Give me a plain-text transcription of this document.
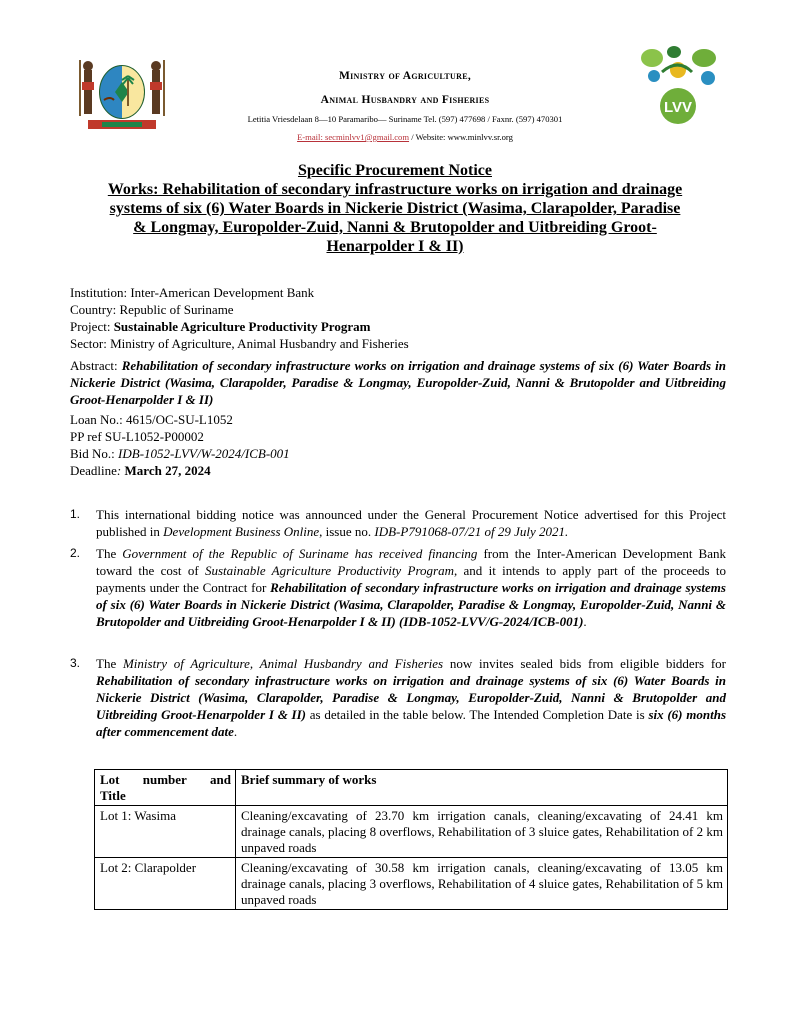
LVV
Ministry of Agriculture,
Animal Husbandry and Fisheries
Letitia Vriesdelaan 8—10 Paramaribo— Suriname Tel. (597) 477698 / Faxnr. (597) 470301
E-mail: secminlvv1@gmail.com / Website: www.minlvv.sr.org
Specific Procurement Notice
Works: Rehabilitation of secondary infrastructure works on irrigation and drainage
systems of six (6) Water Boards in Nickerie District (Wasima, Clarapolder, Paradise
& Longmay, Europolder-Zuid, Nanni & Brutopolder and Uitbreiding Groot-
Henarpolder I & II)
Institution: Inter-American Development Bank
Country: Republic of Suriname
Project: Sustainable Agriculture Productivity Program
Sector: Ministry of Agriculture, Animal Husbandry and Fisheries
Abstract: Rehabilitation of secondary infrastructure works on irrigation and drainage systems of six (6) Water Boards in Nickerie District (Wasima, Clarapolder, Paradise & Longmay, Europolder-Zuid, Nanni & Brutopolder and Uitbreiding Groot-Henarpolder I & II)
Loan No.: 4615/OC-SU-L1052
PP ref SU-L1052-P00002
Bid No.: IDB-1052-LVV/W-2024/ICB-001
Deadline: March 27, 2024
1. This international bidding notice was announced under the General Procurement Notice advertised for this Project published in Development Business Online, issue no. IDB-P791068-07/21 of 29 July 2021.
2. The Government of the Republic of Suriname has received financing from the Inter-American Development Bank toward the cost of Sustainable Agriculture Productivity Program, and it intends to apply part of the proceeds to payments under the Contract for Rehabilitation of secondary infrastructure works on irrigation and drainage systems of six (6) Water Boards in Nickerie District (Wasima, Clarapolder, Paradise & Longmay, Europolder-Zuid, Nanni & Brutopolder and Uitbreiding Groot-Henarpolder I & II) (IDB-1052-LVV/G-2024/ICB-001).
3. The Ministry of Agriculture, Animal Husbandry and Fisheries now invites sealed bids from eligible bidders for Rehabilitation of secondary infrastructure works on irrigation and drainage systems of six (6) Water Boards in Nickerie District (Wasima, Clarapolder, Paradise & Longmay, Europolder-Zuid, Nanni & Brutopolder and Uitbreiding Groot-Henarpolder I & II) as detailed in the table below. The Intended Completion Date is six (6) months after commencement date.
Lot number and
Title	Brief summary of works
Lot 1: Wasima	Cleaning/excavating of 23.70 km irrigation canals, cleaning/excavating of 24.41 km drainage canals, placing 8 overflows, Rehabilitation of 3 sluice gates, Rehabilitation of 2 km unpaved roads
Lot 2: Clarapolder	Cleaning/excavating of 30.58 km irrigation canals, cleaning/excavating of 13.05 km drainage canals, placing 3 overflows, Rehabilitation of 4 sluice gates, Rehabilitation of 5 km unpaved roads
